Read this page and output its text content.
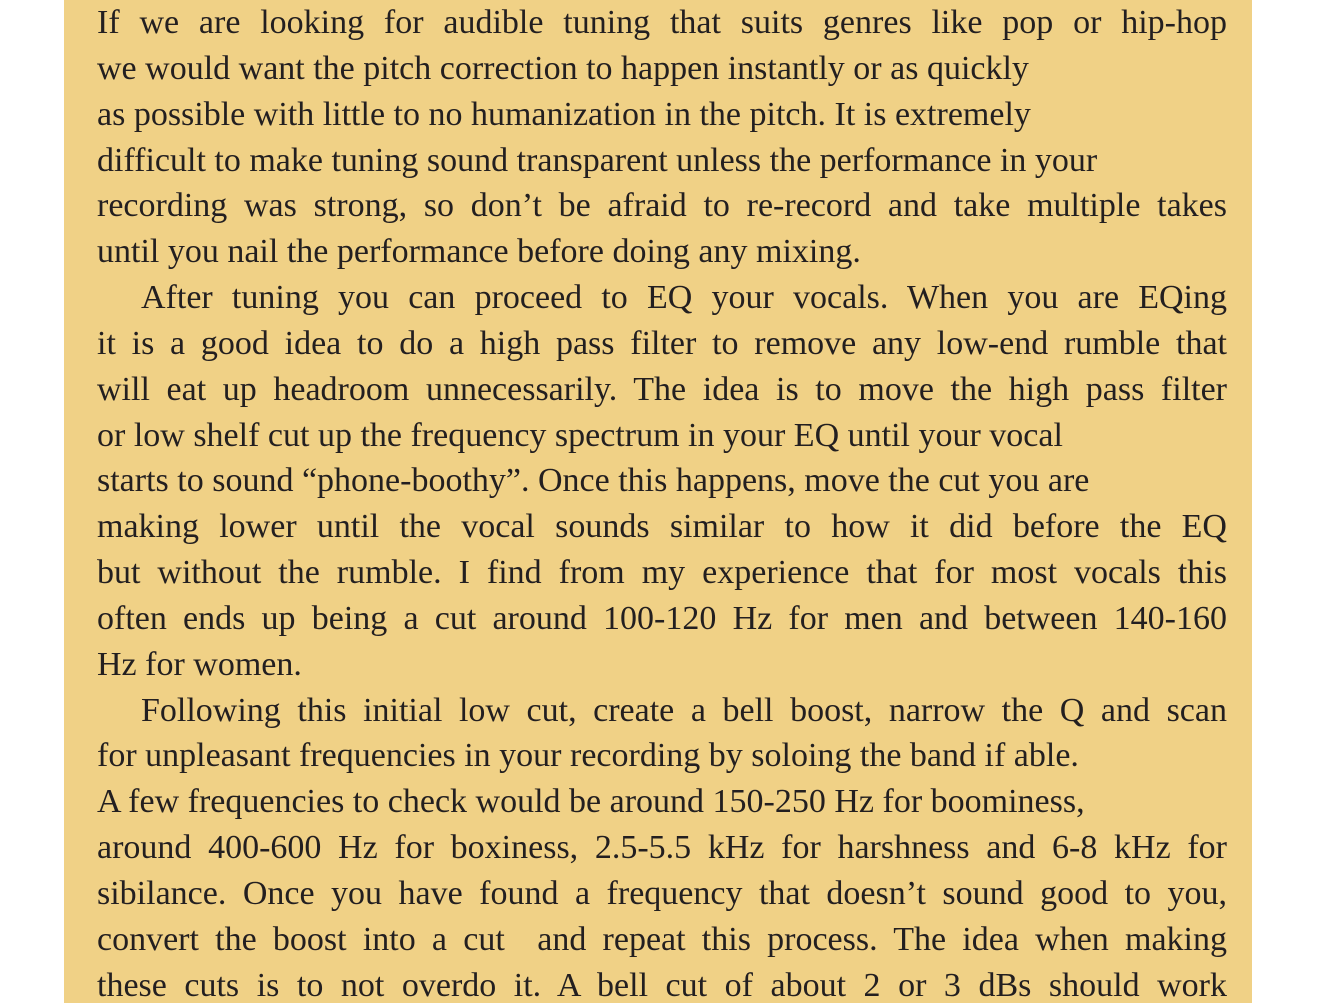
If we are looking for audible tuning that suits genres like pop or hip-hop
we would want the pitch correction to happen instantly or as quickly
as possible with little to no humanization in the pitch. It is extremely
difficult to make tuning sound transparent unless the performance in your
recording was strong, so don’t be afraid to re-record and take multiple takes
until you nail the performance before doing any mixing.
After tuning you can proceed to EQ your vocals. When you are EQing
it is a good idea to do a high pass filter to remove any low-end rumble that
will eat up headroom unnecessarily. The idea is to move the high pass filter
or low shelf cut up the frequency spectrum in your EQ until your vocal
starts to sound “phone-boothy”. Once this happens, move the cut you are
making lower until the vocal sounds similar to how it did before the EQ
but without the rumble. I find from my experience that for most vocals this
often ends up being a cut around 100-120 Hz for men and between 140-160
Hz for women.
Following this initial low cut, create a bell boost, narrow the Q and scan
for unpleasant frequencies in your recording by soloing the band if able.
A few frequencies to check would be around 150-250 Hz for boominess,
around 400-600 Hz for boxiness, 2.5-5.5 kHz for harshness and 6-8 kHz for
sibilance. Once you have found a frequency that doesn’t sound good to you,
convert the boost into a cut  and repeat this process. The idea when making
these cuts is to not overdo it. A bell cut of about 2 or 3 dBs should work
